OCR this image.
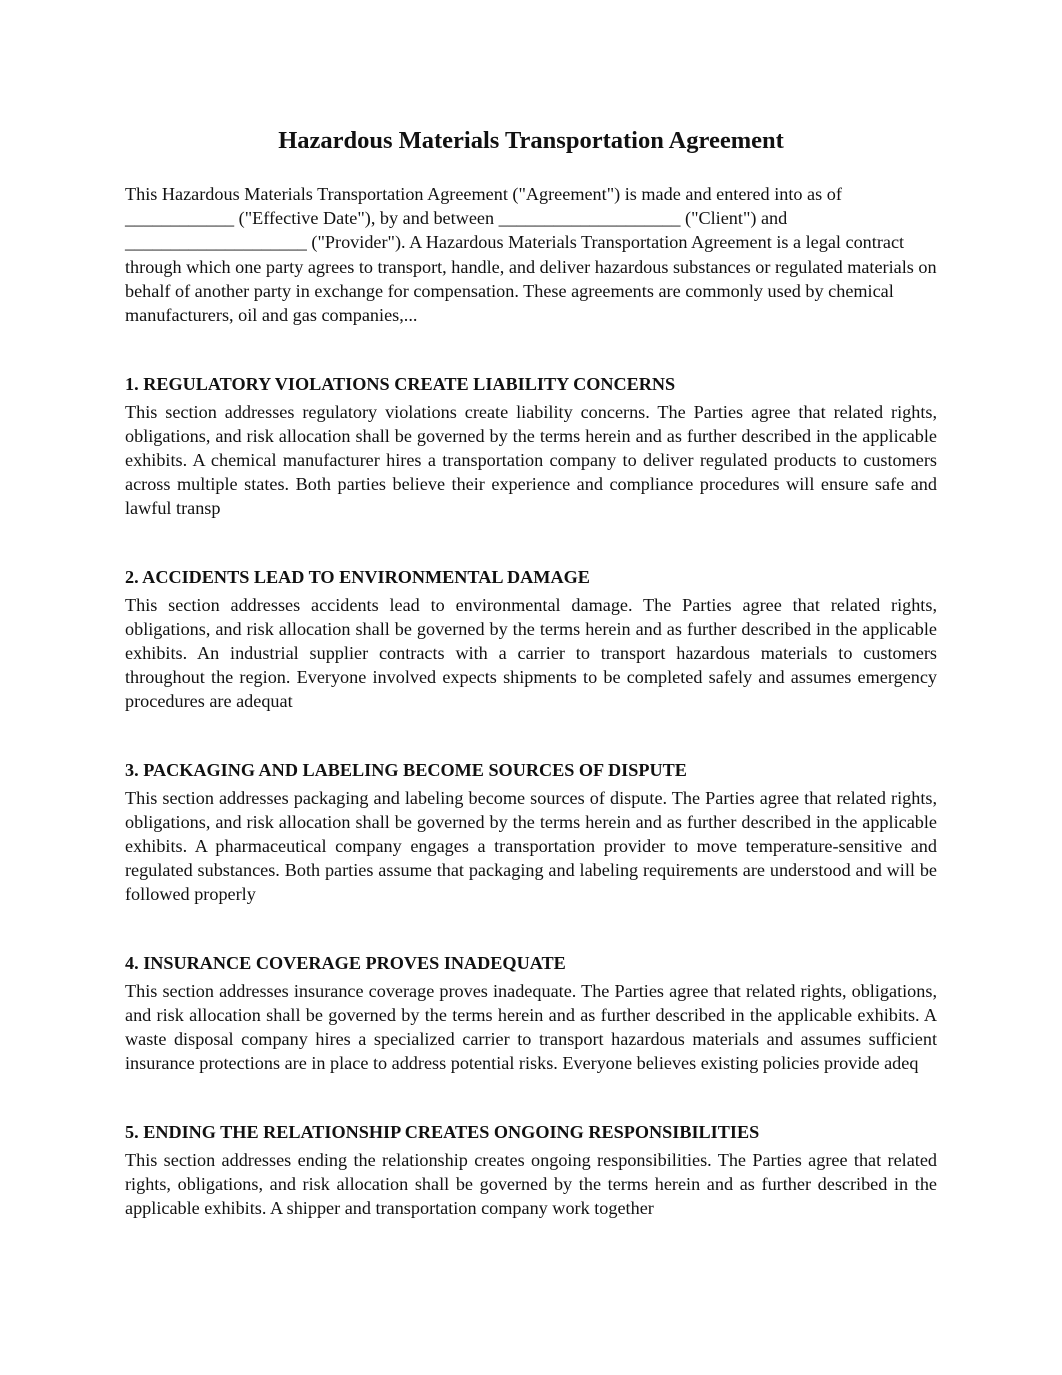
Hazardous Materials Transportation Agreement

This Hazardous Materials Transportation Agreement ("Agreement") is made and entered into as of ____________ ("Effective Date"), by and between ____________________ ("Client") and ____________________ ("Provider"). A Hazardous Materials Transportation Agreement is a legal contract through which one party agrees to transport, handle, and deliver hazardous substances or regulated materials on behalf of another party in exchange for compensation. These agreements are commonly used by chemical manufacturers, oil and gas companies,...

1. REGULATORY VIOLATIONS CREATE LIABILITY CONCERNS

This section addresses regulatory violations create liability concerns. The Parties agree that related rights, obligations, and risk allocation shall be governed by the terms herein and as further described in the applicable exhibits. A chemical manufacturer hires a transportation company to deliver regulated products to customers across multiple states. Both parties believe their experience and compliance procedures will ensure safe and lawful transp

2. ACCIDENTS LEAD TO ENVIRONMENTAL DAMAGE

This section addresses accidents lead to environmental damage. The Parties agree that related rights, obligations, and risk allocation shall be governed by the terms herein and as further described in the applicable exhibits. An industrial supplier contracts with a carrier to transport hazardous materials to customers throughout the region. Everyone involved expects shipments to be completed safely and assumes emergency procedures are adequat

3. PACKAGING AND LABELING BECOME SOURCES OF DISPUTE

This section addresses packaging and labeling become sources of dispute. The Parties agree that related rights, obligations, and risk allocation shall be governed by the terms herein and as further described in the applicable exhibits. A pharmaceutical company engages a transportation provider to move temperature-sensitive and regulated substances. Both parties assume that packaging and labeling requirements are understood and will be followed properly

4. INSURANCE COVERAGE PROVES INADEQUATE

This section addresses insurance coverage proves inadequate. The Parties agree that related rights, obligations, and risk allocation shall be governed by the terms herein and as further described in the applicable exhibits. A waste disposal company hires a specialized carrier to transport hazardous materials and assumes sufficient insurance protections are in place to address potential risks. Everyone believes existing policies provide adeq

5. ENDING THE RELATIONSHIP CREATES ONGOING RESPONSIBILITIES

This section addresses ending the relationship creates ongoing responsibilities. The Parties agree that related rights, obligations, and risk allocation shall be governed by the terms herein and as further described in the applicable exhibits. A shipper and transportation company work together
